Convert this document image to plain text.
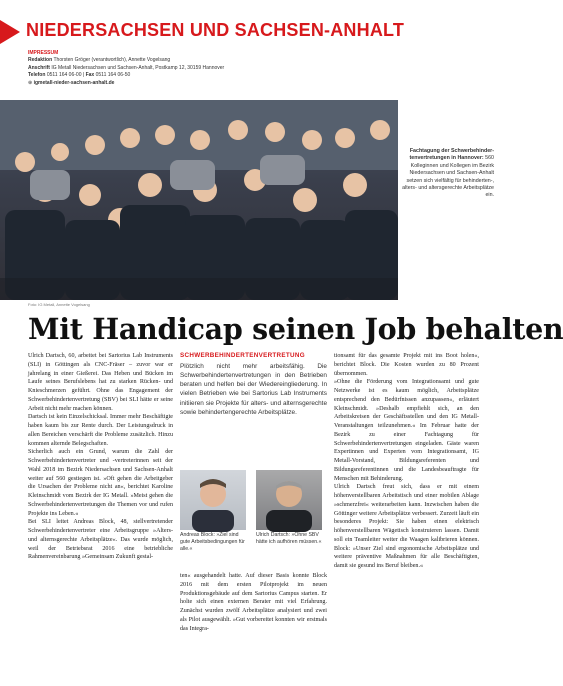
NIEDERSACHSEN UND SACHSEN-ANHALT
IMPRESSUM
Redaktion Thorsten Gröger (verantwortlich), Annette Vogelsang
Anschrift IG Metall Niedersachsen und Sachsen-Anhalt, Postkamp 12, 30159 Hannover
Telefon 0511 164 06-00 | Fax 0511 164 06-50
⊕ igmetall-nieder-sachsen-anhalt.de
Foto: IG Metall, Annette Vogelsang
Fachtagung der Schwerbehinder-tenvertretungen in Hannover: 560 Kolleginnen und Kollegen im Bezirk Niedersachsen und Sachsen-Anhalt setzen sich vielfältig für behinderten-, alters- und altersgerechte Arbeitsplätze ein.
Mit Handicap seinen Job behalten

Ulrich Dartsch, 60, arbeitet bei Sartorius Lab Instruments (SLI) in Göttingen als CNC-Fräser – zuvor war er jahrelang in einer Gießerei. Das Heben und Bücken im Laufe seines Berufslebens hat zu starken Rücken- und Knieschmerzen geführt. Ohne das Engagement der Schwerbehindertenvertretung (SBV) bei SLI hätte er seine Arbeit nicht mehr machen können.

Dartsch ist kein Einzelschicksal. Immer mehr Beschäftigte haben kaum bis zur Rente durch. Der Leistungsdruck in allen Bereichen verschärft die Probleme zusätzlich. Hinzu kommen alternde Belegschaften.

Sicherlich auch ein Grund, warum die Zahl der Schwerbehindertenvertreter und -vertreterinnen seit der Wahl 2018 im Bezirk Niedersachsen und Sachsen-Anhalt weiter auf 560 gestiegen ist. »Oft gehen die Arbeitgeber die Ursachen der Probleme nicht an«, berichtet Karoline Kleinschmidt vom Bezirk der IG Metall. »Meist gehen die Schwerbehindertenvertretungen die Themen vor und rufen Projekte ins Leben.«

Bei SLI leitet Andreas Block, 48, stellvertretender Schwerbehindertenvertreter eine Arbeitsgruppe »Alters- und alternsgerechte Arbeitsplätze«. Das wurde möglich, weil der Betriebsrat 2016 eine betriebliche Rahmenvereinbarung »Gemeinsam Zukunft gestal-

SCHWERBEHINDERTENVERTRETUNG
Plötzlich nicht mehr arbeitsfähig. Die Schwerbehindertenvertretungen in den Betrieben beraten und helfen bei der Wiedereingliederung. In vielen Betrieben wie bei Sartorius Lab Instruments initiieren sie Projekte für alters- und alternsgerechte sowie behindertengerechte Arbeitsplätze.
Andreas Block: »Ziel sind gute Arbeitsbedingungen für alle.«
Ulrich Dartsch: »Ohne SBV hätte ich aufhören müssen.«
ten« ausgehandelt hatte. Auf dieser Basis konnte Block 2016 mit dem ersten Pilotprojekt im neuen Produktionsgebäude auf dem Sartorius Campus starten. Er holte sich einen externen Berater mit viel Erfahrung. Zunächst wurden zwölf Arbeitsplätze analysiert und zwei als Pilot ausgewählt. »Gut vorbereitet konnten wir erstmals das Integra-

tionsamt für das gesamte Projekt mit ins Boot holen«, berichtet Block. Die Kosten wurden zu 80 Prozent übernommen.

»Ohne die Förderung vom Integrationsamt und gute Netzwerke ist es kaum möglich, Arbeitsplätze entsprechend den Bedürfnissen anzupassen«, erläutert Kleinschmidt. »Deshalb empfiehlt sich, an den Arbeitskreisen der Geschäftsstellen und den IG Metall-Veranstaltungen teilzunehmen.« Im Februar hatte der Bezirk zu einer Fachtagung für Schwerbehindertenvertretungen eingeladen. Gäste waren Expertinnen und Experten vom Integrationsamt, IG Metall-Vorstand, Bildungsreferenten und Bildungsreferentinnen und die Landesbeauftragte für Menschen mit Behinderung.

Ulrich Dartsch freut sich, dass er mit einem höhenverstellbaren Arbeitstisch und einer mobilen Ablage »schmerzfrei« weiterarbeiten kann. Inzwischen haben die Göttinger weitere Arbeitsplätze verbessert. Zurzeit läuft ein besonderes Projekt: Sie haben einen elektrisch höhenverstellbaren Wägetisch konstruieren lassen. Damit soll ein Teamleiter weiter die Waagen kalibrieren können. Block: »Unser Ziel sind ergonomische Arbeitsplätze und weitere präventive Maßnahmen für alle Beschäftigten, damit sie gesund ins Beruf bleiben.«
